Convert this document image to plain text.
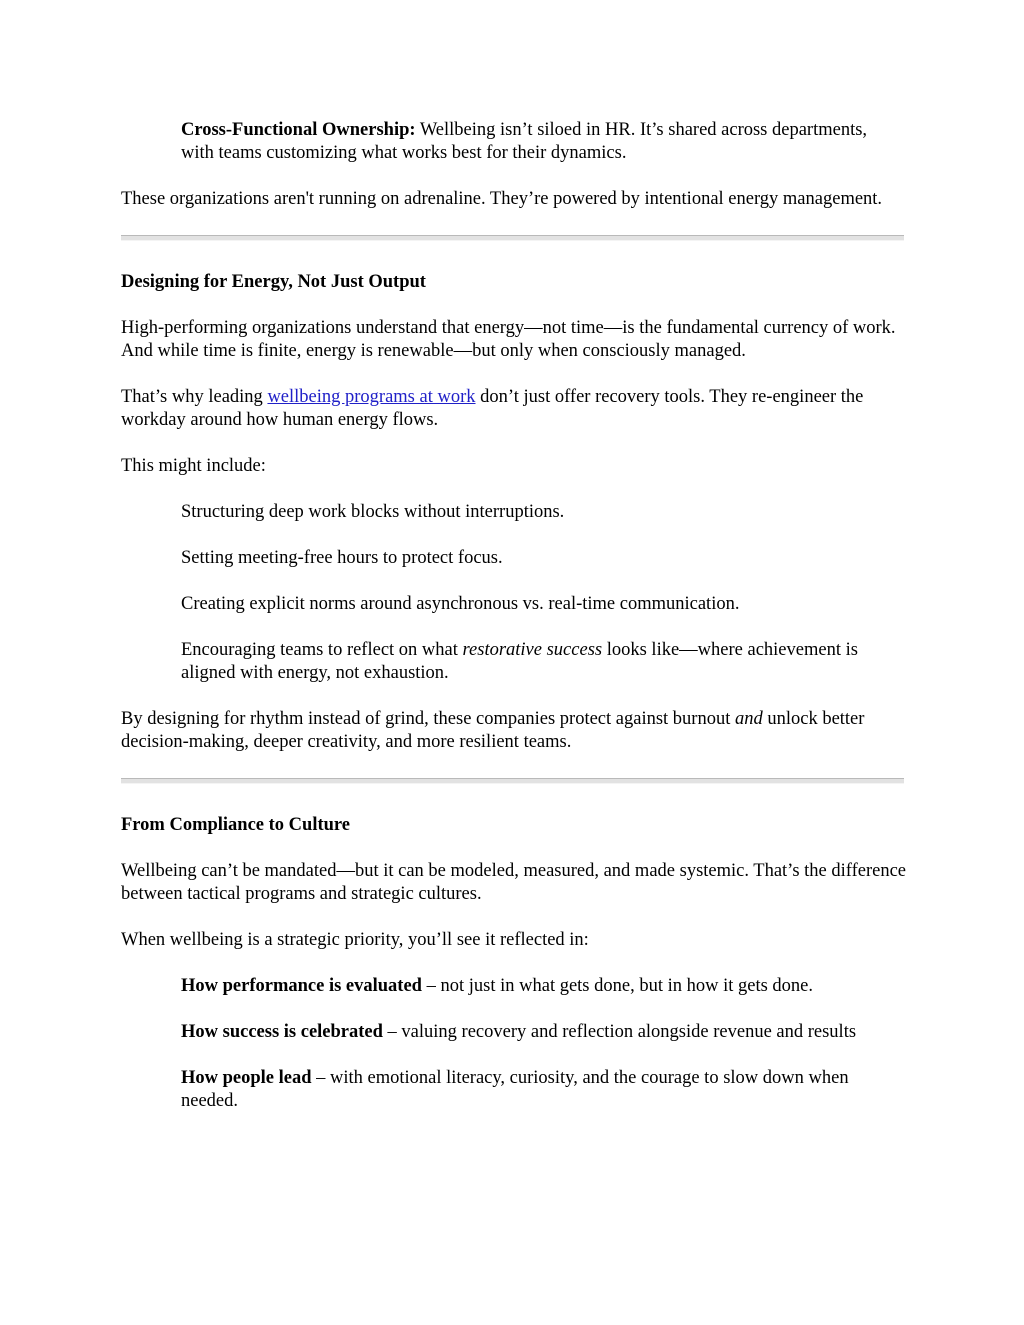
Cross-Functional Ownership: Wellbeing isn’t siloed in HR. It’s shared across departments, with teams customizing what works best for their dynamics.

These organizations aren't running on adrenaline. They’re powered by intentional energy management.

Designing for Energy, Not Just Output

High-performing organizations understand that energy—not time—is the fundamental currency of work. And while time is finite, energy is renewable—but only when consciously managed.

That’s why leading wellbeing programs at work don’t just offer recovery tools. They re-engineer the workday around how human energy flows.

This might include:

Structuring deep work blocks without interruptions.

Setting meeting-free hours to protect focus.

Creating explicit norms around asynchronous vs. real-time communication.

Encouraging teams to reflect on what restorative success looks like—where achievement is aligned with energy, not exhaustion.

By designing for rhythm instead of grind, these companies protect against burnout and unlock better decision-making, deeper creativity, and more resilient teams.

From Compliance to Culture

Wellbeing can’t be mandated—but it can be modeled, measured, and made systemic. That’s the difference between tactical programs and strategic cultures.

When wellbeing is a strategic priority, you’ll see it reflected in:

How performance is evaluated – not just in what gets done, but in how it gets done.

How success is celebrated – valuing recovery and reflection alongside revenue and results

How people lead – with emotional literacy, curiosity, and the courage to slow down when needed.
